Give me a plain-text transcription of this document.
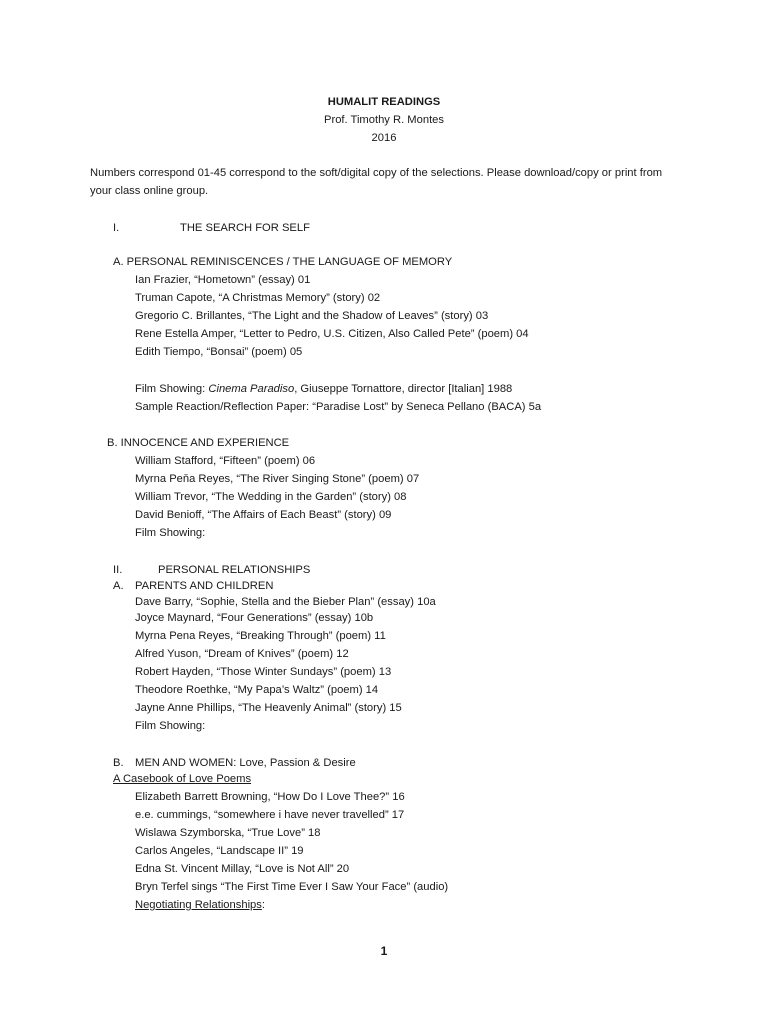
HUMALIT READINGS
Prof. Timothy R. Montes
2016
Numbers correspond 01-45 correspond to the soft/digital copy of the selections. Please download/copy or print from your class online group.
I.	THE SEARCH FOR SELF
A. PERSONAL REMINISCENCES / THE LANGUAGE OF MEMORY
Ian Frazier, “Hometown” (essay) 01
Truman Capote, “A Christmas Memory” (story) 02
Gregorio C. Brillantes, “The Light and the Shadow of Leaves” (story) 03
Rene Estella Amper, “Letter to Pedro, U.S. Citizen, Also Called Pete” (poem) 04
Edith Tiempo, “Bonsai” (poem) 05
Film Showing: Cinema Paradiso, Giuseppe Tornattore, director [Italian] 1988
Sample Reaction/Reflection Paper: “Paradise Lost” by Seneca Pellano (BACA) 5a
B. INNOCENCE AND EXPERIENCE
William Stafford, “Fifteen” (poem) 06
Myrna Peňa Reyes, “The River Singing Stone” (poem) 07
William Trevor, “The Wedding in the Garden” (story) 08
David Benioff, “The Affairs of Each Beast” (story) 09
Film Showing:
II.	PERSONAL RELATIONSHIPS
A. PARENTS AND CHILDREN
Dave Barry, “Sophie, Stella and the Bieber Plan” (essay) 10a
Joyce Maynard, “Four Generations” (essay) 10b
Myrna Pena Reyes, “Breaking Through” (poem) 11
Alfred Yuson, “Dream of Knives” (poem) 12
Robert Hayden, “Those Winter Sundays” (poem) 13
Theodore Roethke, “My Papa’s Waltz” (poem) 14
Jayne Anne Phillips, “The Heavenly Animal” (story) 15
Film Showing:
B. MEN AND WOMEN: Love, Passion & Desire
A Casebook of Love Poems
Elizabeth Barrett Browning, “How Do I Love Thee?” 16
e.e. cummings, “somewhere i have never travelled” 17
Wislawa Szymborska, “True Love” 18
Carlos Angeles, “Landscape II” 19
Edna St. Vincent Millay, “Love is Not All” 20
Bryn Terfel sings “The First Time Ever I Saw Your Face” (audio)
Negotiating Relationships:
1
